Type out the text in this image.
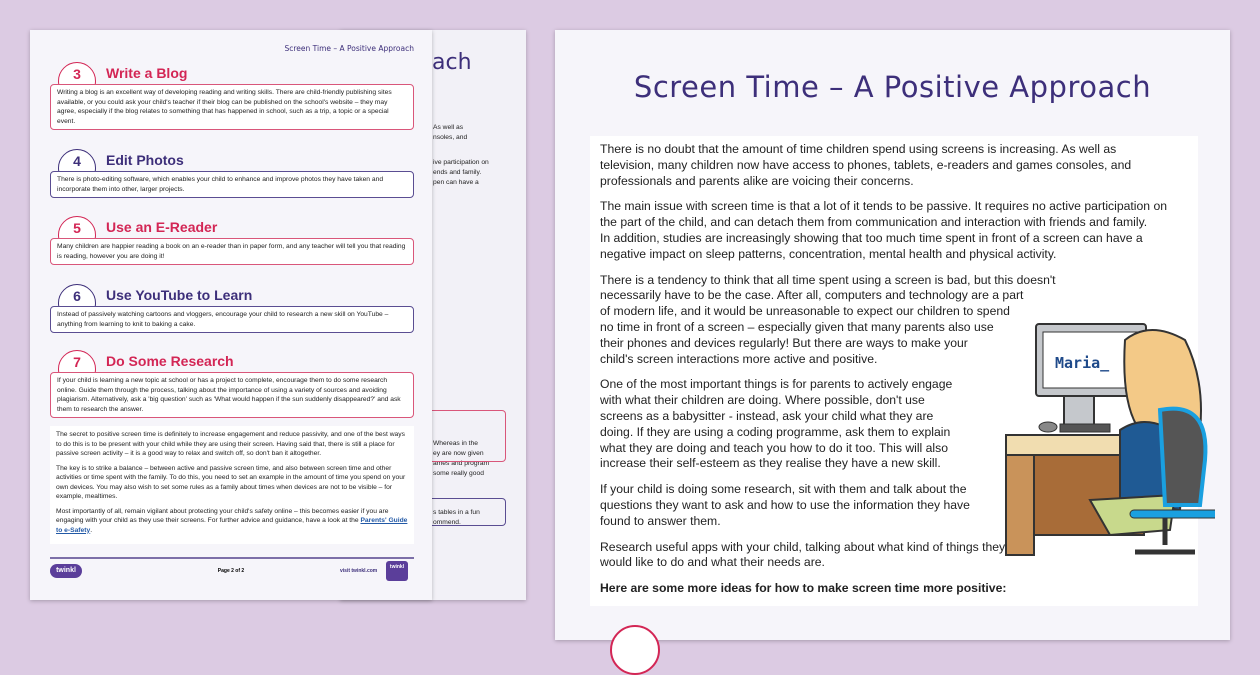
Screen Time – A Positive Approach
3	Write a Blog
Writing a blog is an excellent way of developing reading and writing skills. There are child-friendly publishing sites available, or you could ask your child's teacher if their blog can be published on the school's website – they may agree, especially if the blog relates to something that has happened in school, such as a trip, a topic or a special event.
4	Edit Photos
There is photo-editing software, which enables your child to enhance and improve photos they have taken and incorporate them into other, larger projects.
5	Use an E-Reader
Many children are happier reading a book on an e-reader than in paper form, and any teacher will tell you that reading is reading, however you are doing it!
6	Use YouTube to Learn
Instead of passively watching cartoons and vloggers, encourage your child to research a new skill on YouTube – anything from learning to knit to baking a cake.
7	Do Some Research
If your child is learning a new topic at school or has a project to complete, encourage them to do some research online. Guide them through the process, talking about the importance of using a variety of sources and avoiding plagiarism. Alternatively, ask a 'big question' such as 'What would happen if the sun suddenly disappeared?' and ask them to research the answer.

The secret to positive screen time is definitely to increase engagement and reduce passivity, and one of the best ways to do this is to be present with your child while they are using their screen. Having said that, there is still a place for passive screen activity – it is a good way to relax and switch off, so don't ban it altogether.

The key is to strike a balance – between active and passive screen time, and also between screen time and other activities or time spent with the family. To do this, you need to set an example in the amount of time you spend on your own devices. You may also wish to set some rules as a family about times when devices are not to be visible – for example, mealtimes.

Most importantly of all, remain vigilant about protecting your child's safety online – this becomes easier if you are engaging with your child as they use their screens. For further advice and guidance, have a look at the Parents' Guide to e-Safety.

twinkl	Page 2 of 2	visit twinkl.com
twinkl
ach
As well as
nsoles, and
ive participation on
ends and family.
pen can have a
Whereas in the
ey are now given
ames and program
some really good
s tables in a fun
ommend.
Screen Time – A Positive Approach

There is no doubt that the amount of time children spend using screens is increasing. As well as
television, many children now have access to phones, tablets, e-readers and games consoles, and
professionals and parents alike are voicing their concerns.

The main issue with screen time is that a lot of it tends to be passive. It requires no active participation on
the part of the child, and can detach them from communication and interaction with friends and family.
In addition, studies are increasingly showing that too much time spent in front of a screen can have a
negative impact on sleep patterns, concentration, mental health and physical activity.

There is a tendency to think that all time spent using a screen is bad, but this doesn't
necessarily have to be the case. After all, computers and technology are a part
of modern life, and it would be unreasonable to expect our children to spend
no time in front of a screen – especially given that many parents also use
their phones and devices regularly! But there are ways to make your
child's screen interactions more active and positive.

One of the most important things is for parents to actively engage
with what their children are doing. Where possible, don't use
screens as a babysitter - instead, ask your child what they are
doing. If they are using a coding programme, ask them to explain
what they are doing and teach you how to do it too. This will also
increase their self-esteem as they realise they have a new skill.

If your child is doing some research, sit with them and talk about the
questions they want to ask and how to use the information they have
found to answer them.

Research useful apps with your child, talking about what kind of things they
would like to do and what their needs are.

Here are some more ideas for how to make screen time more positive:
Maria_
